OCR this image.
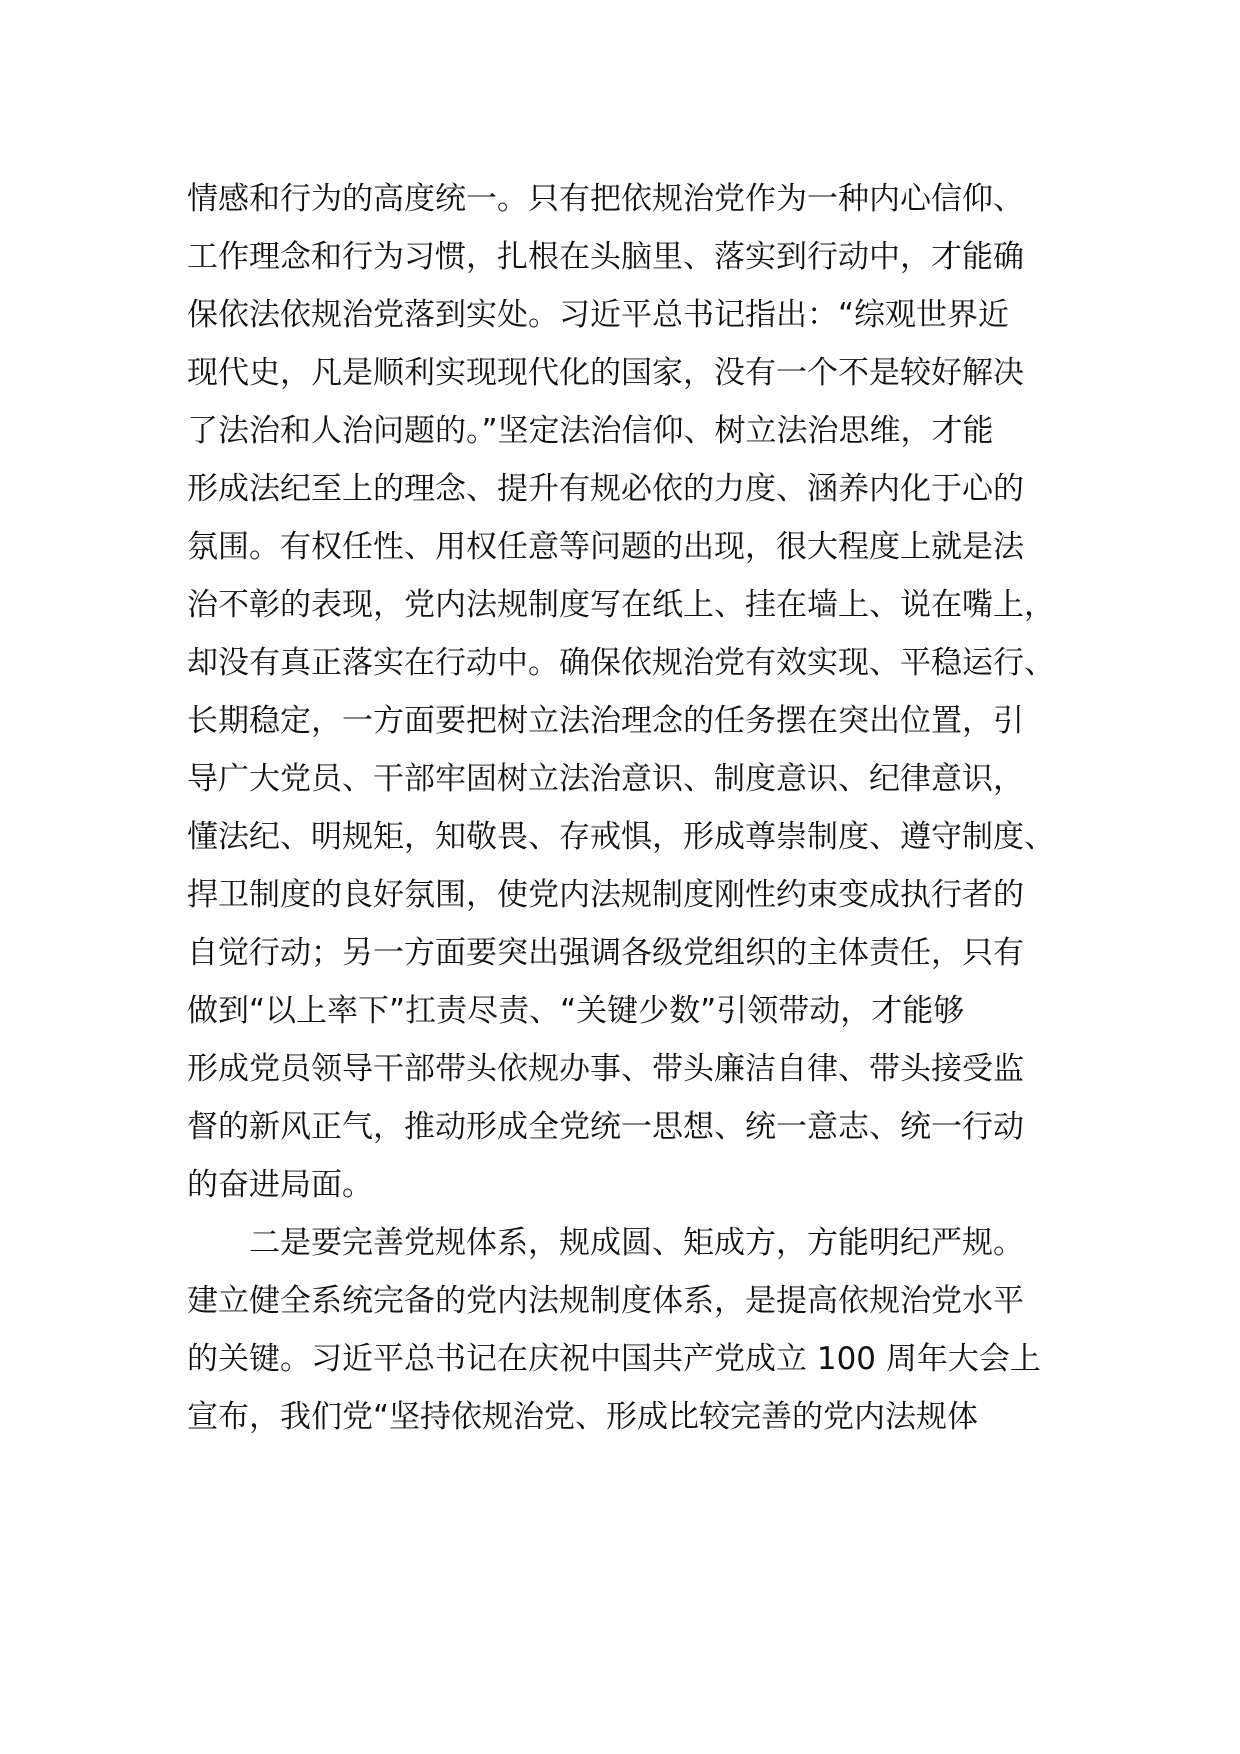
情感和行为的高度统一。只有把依规治党作为一种内心信仰、
工作理念和行为习惯，扎根在头脑里、落实到行动中，才能确
保依法依规治党落到实处。习近平总书记指出：“综观世界近
现代史，凡是顺利实现现代化的国家，没有一个不是较好解决
了法治和人治问题的。”坚定法治信仰、树立法治思维，才能
形成法纪至上的理念、提升有规必依的力度、涵养内化于心的
氛围。有权任性、用权任意等问题的出现，很大程度上就是法
治不彰的表现，党内法规制度写在纸上、挂在墙上、说在嘴上，
却没有真正落实在行动中。确保依规治党有效实现、平稳运行、
长期稳定，一方面要把树立法治理念的任务摆在突出位置，引
导广大党员、干部牢固树立法治意识、制度意识、纪律意识，
懂法纪、明规矩，知敬畏、存戒惧，形成尊崇制度、遵守制度、
捍卫制度的良好氛围，使党内法规制度刚性约束变成执行者的
自觉行动；另一方面要突出强调各级党组织的主体责任，只有
做到“以上率下”扛责尽责、“关键少数”引领带动，才能够
形成党员领导干部带头依规办事、带头廉洁自律、带头接受监
督的新风正气，推动形成全党统一思想、统一意志、统一行动
的奋进局面。
二是要完善党规体系，规成圆、矩成方，方能明纪严规。
建立健全系统完备的党内法规制度体系，是提高依规治党水平
的关键。习近平总书记在庆祝中国共产党成立 100 周年大会上
宣布，我们党“坚持依规治党、形成比较完善的党内法规体
